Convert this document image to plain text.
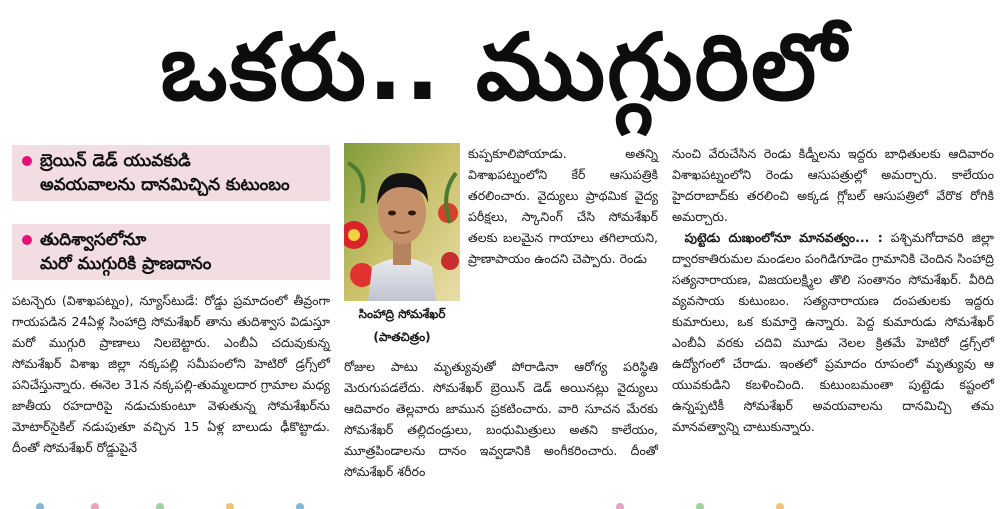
ఒకరు.. ముగ్గురిలో
బ్రెయిన్ డెడ్ యువకుడి
అవయవాలను దానమిచ్చిన కుటుంబం
తుదిశ్వాసలోనూ
మరో ముగ్గురికి ప్రాణదానం

పటన్చెరు (విశాఖపట్నం), న్యూస్‌టుడే: రోడ్డు ప్రమాదంలో తీవ్రంగా గాయపడిన 24ఏళ్ల సింహాద్రి సోమశేఖర్ తాను తుదిశ్వాస విడుస్తూ మరో ముగ్గురి ప్రాణాలు నిలబెట్టారు. ఎంబీఏ చదువుకున్న సోమశేఖర్ విశాఖ జిల్లా నక్కపల్లి సమీపంలోని హెటిరో డ్రగ్స్‌లో పనిచేస్తున్నారు. ఈనెల 31న నక్కపల్లి-తుమ్మలదార గ్రామాల మధ్య జాతీయ రహదారిపై నడుచుకుంటూ వెళుతున్న సోమశేఖర్‌ను మోటార్‌సైకిల్ నడుపుతూ వచ్చిన 15 ఏళ్ల బాలుడు ఢీకొట్టాడు. దీంతో సోమశేఖర్ రోడ్డుపైనే

సింహాద్రి సోమశేఖర్
(పాతచిత్రం)

కుప్పకూలిపోయాడు. అతన్ని విశాఖపట్నంలోని కేర్ ఆసుపత్రికి తరలించారు. వైద్యులు ప్రాథమిక వైద్య పరీక్షలు, స్కానింగ్ చేసి సోమశేఖర్ తలకు బలమైన గాయాలు తగిలాయని, ప్రాణాపాయం ఉందని చెప్పారు. రెండు

రోజుల పాటు మృత్యువుతో పోరాడినా ఆరోగ్య పరిస్థితి మెరుగుపడలేదు. సోమశేఖర్ బ్రెయిన్ డెడ్ అయినట్లు వైద్యులు ఆదివారం తెల్లవారు జామున ప్రకటించారు. వారి సూచన మేరకు సోమశేఖర్ తల్లిదండ్రులు, బంధుమిత్రులు అతని కాలేయం, మూత్రపిండాలను దానం ఇవ్వడానికి అంగీకరించారు. దీంతో సోమశేఖర్ శరీరం

నుంచి వేరుచేసిన రెండు కిడ్నీలను ఇద్దరు బాధితులకు ఆదివారం విశాఖపట్నంలోని రెండు ఆసుపత్రుల్లో అమర్చారు. కాలేయం హైదరాబాద్‌కు తరలించి అక్కడ గ్లోబల్ ఆసుపత్రిలో వేరొక రోగికి అమర్చారు.

 పుట్టెడు దుఃఖంలోనూ మానవత్వం... : పశ్చిమగోదావరి జిల్లా ద్వారకాతిరుమల మండలం పంగిడిగూడెం గ్రామానికి చెందిన సింహాద్రి సత్యనారాయణ, విజయలక్ష్మిల తొలి సంతానం సోమశేఖర్. వీరిది వ్యవసాయ కుటుంబం. సత్యనారాయణ దంపతులకు ఇద్దరు కుమారులు, ఒక కుమార్తె ఉన్నారు. పెద్ద కుమారుడు సోమశేఖర్ ఎంబీఏ వరకు చదివి మూడు నెలల క్రితమే హెటిరో డ్రగ్స్‌లో ఉద్యోగంలో చేరాడు. ఇంతలో ప్రమాదం రూపంలో మృత్యువు ఆ యువకుడిని కబళించింది. కుటుంబమంతా పుట్టెడు కష్టంలో ఉన్నప్పటికీ సోమశేఖర్ అవయవాలను దానమిచ్చి తమ మానవత్వాన్ని చాటుకున్నారు.
